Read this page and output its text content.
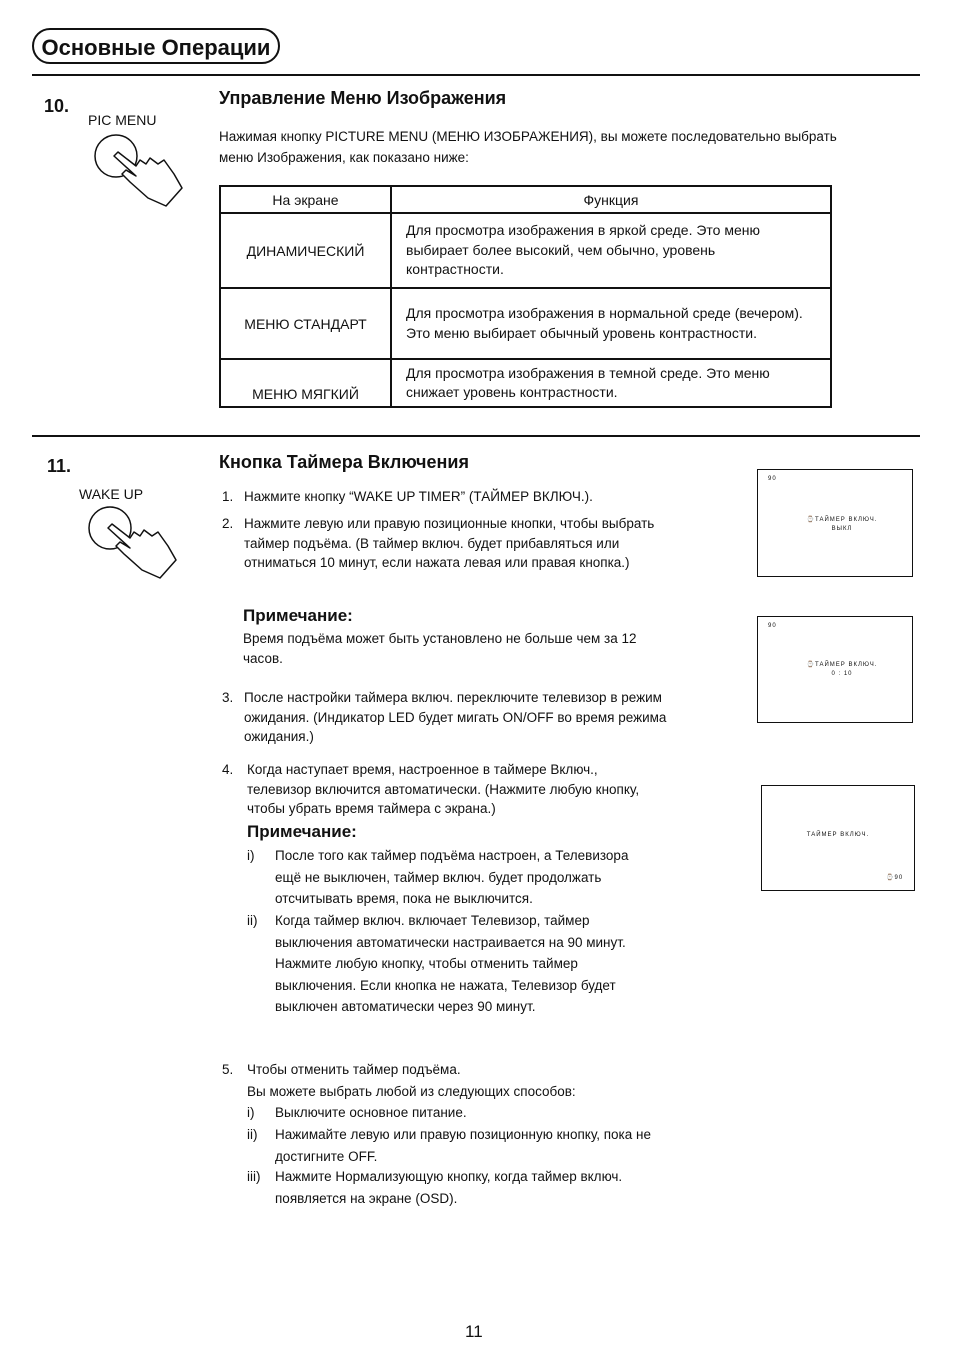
Основные Операции
10.
PIC MENU
Управление Меню Изображения
Нажимая кнопку PICTURE MENU (МЕНЮ ИЗОБРАЖЕНИЯ), вы можете последовательно выбрать
меню Изображения, как показано ниже:
На экране	Функция
ДИНАМИЧЕСКИЙ	Для просмотра изображения в яркой среде. Это меню выбирает более высокий, чем обычно, уровень контрастности.
МЕНЮ СТАНДАРТ	Для просмотра изображения в нормальной среде (вечером). Это меню выбирает обычный уровень контрастности.
МЕНЮ МЯГКИЙ	Для просмотра изображения в темной среде. Это меню снижает уровень контрастности.
11.
WAKE UP
Кнопка Таймера Включения
1. Нажмите кнопку “WAKE UP TIMER” (ТАЙМЕР ВКЛЮЧ.).
2. Нажмите левую или правую позиционные кнопки, чтобы выбрать таймер подъёма. (В таймер включ. будет прибавляться или отниматься 10 минут, если нажата левая или правая кнопка.)
Примечание:
Время подъёма может быть установлено не больше чем за 12 часов.
3. После настройки таймера включ. переключите телевизор в режим ожидания. (Индикатор LED будет мигать ON/OFF во время режима ожидания.)
4. Когда наступает время, настроенное в таймере Включ., телевизор включится автоматически. (Нажмите любую кнопку, чтобы убрать время таймера с экрана.)
Примечание:
i) После того как таймер подъёма настроен, а Телевизора ещё не выключен, таймер включ. будет продолжать отсчитывать время, пока не выключится.
ii) Когда таймер включ. включает Телевизор, таймер выключения автоматически настраивается на 90 минут. Нажмите любую кнопку, чтобы отменить таймер выключения. Если кнопка не нажата, Телевизор будет выключен автоматически через 90 минут.
5. Чтобы отменить таймер подъёма.
Вы можете выбрать любой из следующих способов:
i) Выключите основное питание.
ii) Нажимайте левую или правую позиционную кнопку, пока не достигните OFF.
iii) Нажмите Нормализующую кнопку, когда таймер включ. появляется на экране (OSD).
90
⌚ТАЙМЕР ВКЛЮЧ.
ВЫКЛ
90
⌚ТАЙМЕР ВКЛЮЧ.
0 : 10
ТАЙМЕР ВКЛЮЧ.
⌚90
11
